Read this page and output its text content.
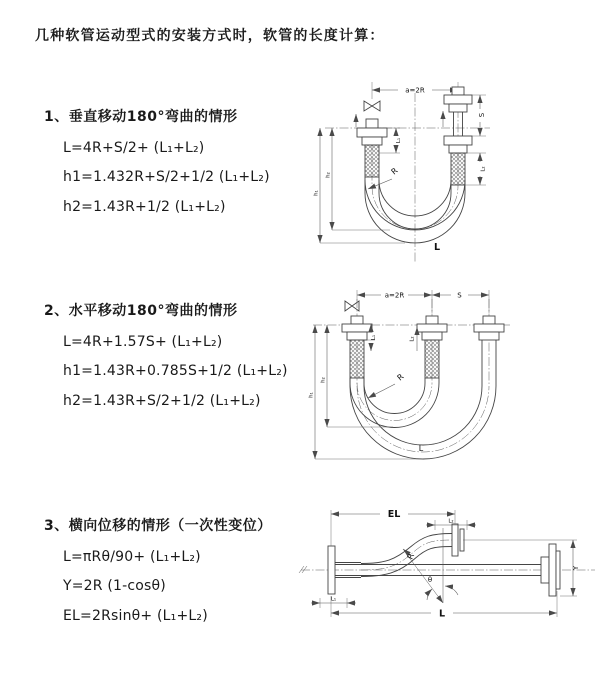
几种软管运动型式的安装方式时，软管的长度计算：
1、垂直移动180°弯曲的情形
L=4R+S/2+ (L₁+L₂)
h1=1.432R+S/2+1/2 (L₁+L₂)
h2=1.43R+1/2 (L₁+L₂)
2、水平移动180°弯曲的情形
L=4R+1.57S+ (L₁+L₂)
h1=1.43R+0.785S+1/2 (L₁+L₂)
h2=1.43R+S/2+1/2 (L₁+L₂)
3、横向位移的情形（一次性变位）
L=πRθ/90+ (L₁+L₂)
Y=2R (1-cosθ)
EL=2Rsinθ+ (L₁+L₂)
a=2R
S
L₂
L₁
h₁
h₂	R
L
a=2R	S
L₁	L₂
h₁
h₂	R
L
EL
L₂
Y
θ
R
L₁
L
